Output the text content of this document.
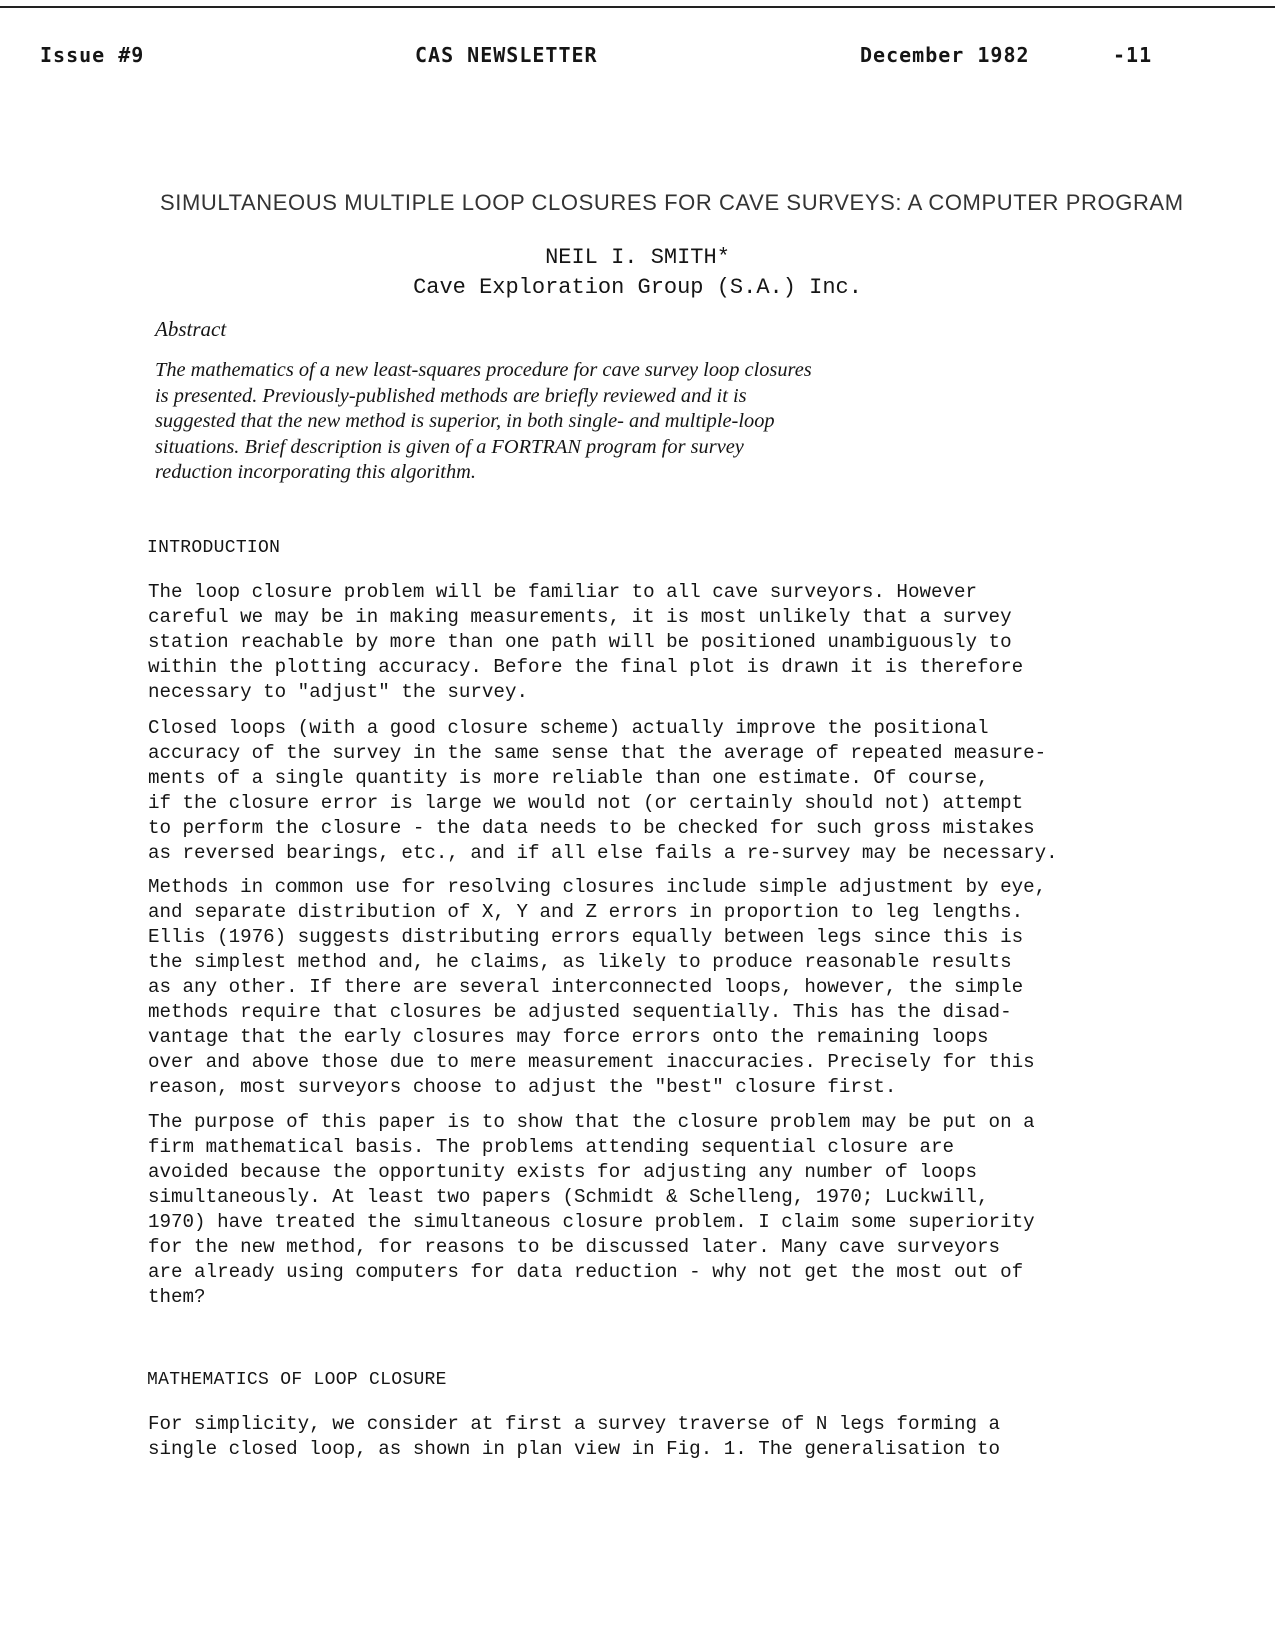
Issue #9	CAS NEWSLETTER	December 1982	-11
SIMULTANEOUS MULTIPLE LOOP CLOSURES FOR CAVE SURVEYS: A COMPUTER PROGRAM
NEIL I. SMITH*
Cave Exploration Group (S.A.) Inc.
Abstract
The mathematics of a new least-squares procedure for cave survey loop closures
is presented. Previously-published methods are briefly reviewed and it is
suggested that the new method is superior, in both single- and multiple-loop
situations. Brief description is given of a FORTRAN program for survey
reduction incorporating this algorithm.
INTRODUCTION
The loop closure problem will be familiar to all cave surveyors. However
careful we may be in making measurements, it is most unlikely that a survey
station reachable by more than one path will be positioned unambiguously to
within the plotting accuracy. Before the final plot is drawn it is therefore
necessary to "adjust" the survey.
Closed loops (with a good closure scheme) actually improve the positional
accuracy of the survey in the same sense that the average of repeated measure-
ments of a single quantity is more reliable than one estimate. Of course,
if the closure error is large we would not (or certainly should not) attempt
to perform the closure - the data needs to be checked for such gross mistakes
as reversed bearings, etc., and if all else fails a re-survey may be necessary.
Methods in common use for resolving closures include simple adjustment by eye,
and separate distribution of X, Y and Z errors in proportion to leg lengths.
Ellis (1976) suggests distributing errors equally between legs since this is
the simplest method and, he claims, as likely to produce reasonable results
as any other. If there are several interconnected loops, however, the simple
methods require that closures be adjusted sequentially. This has the disad-
vantage that the early closures may force errors onto the remaining loops
over and above those due to mere measurement inaccuracies. Precisely for this
reason, most surveyors choose to adjust the "best" closure first.
The purpose of this paper is to show that the closure problem may be put on a
firm mathematical basis. The problems attending sequential closure are
avoided because the opportunity exists for adjusting any number of loops
simultaneously. At least two papers (Schmidt & Schelleng, 1970; Luckwill,
1970) have treated the simultaneous closure problem. I claim some superiority
for the new method, for reasons to be discussed later. Many cave surveyors
are already using computers for data reduction - why not get the most out of
them?
MATHEMATICS OF LOOP CLOSURE
For simplicity, we consider at first a survey traverse of N legs forming a
single closed loop, as shown in plan view in Fig. 1. The generalisation to
